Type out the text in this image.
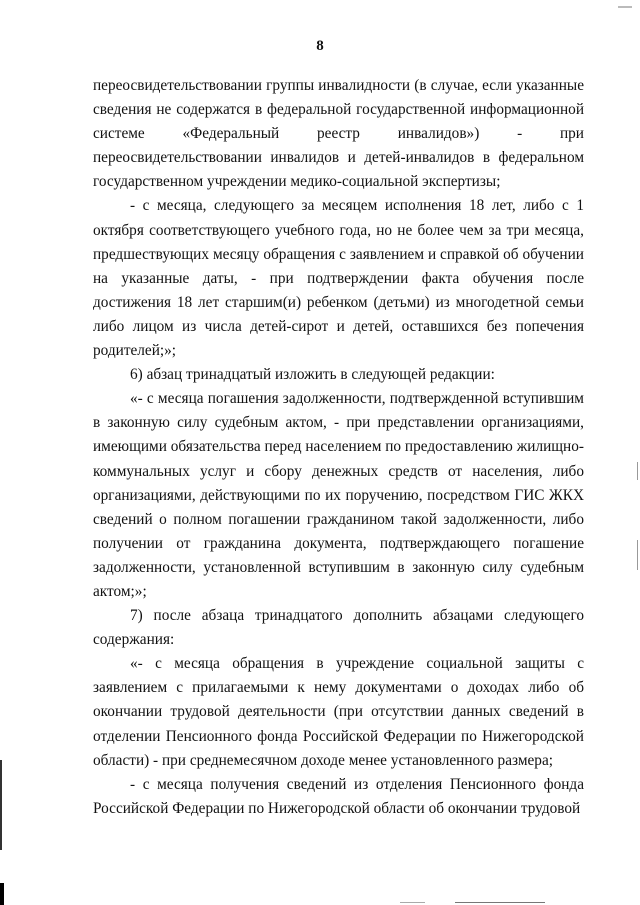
8

переосвидетельствовании группы инвалидности (в случае, если указанные сведения не содержатся в федеральной государственной информационной системе «Федеральный реестр инвалидов») - при переосвидетельствовании инвалидов и детей-инвалидов в федеральном государственном учреждении медико-социальной экспертизы;

- с месяца, следующего за месяцем исполнения 18 лет, либо с 1 октября соответствующего учебного года, но не более чем за три месяца, предшествующих месяцу обращения с заявлением и справкой об обучении на указанные даты, - при подтверждении факта обучения после достижения 18 лет старшим(и) ребенком (детьми) из многодетной семьи либо лицом из числа детей-сирот и детей, оставшихся без попечения родителей;»;

6) абзац тринадцатый изложить в следующей редакции:

«- с месяца погашения задолженности, подтвержденной вступившим в законную силу судебным актом, - при представлении организациями, имеющими обязательства перед населением по предоставлению жилищно-коммунальных услуг и сбору денежных средств от населения, либо организациями, действующими по их поручению, посредством ГИС ЖКХ сведений о полном погашении гражданином такой задолженности, либо получении от гражданина документа, подтверждающего погашение задолженности, установленной вступившим в законную силу судебным актом;»;

7) после абзаца тринадцатого дополнить абзацами следующего содержания:

«- с месяца обращения в учреждение социальной защиты с заявлением с прилагаемыми к нему документами о доходах либо об окончании трудовой деятельности (при отсутствии данных сведений в отделении Пенсионного фонда Российской Федерации по Нижегородской области) - при среднемесячном доходе менее установленного размера;

- с месяца получения сведений из отделения Пенсионного фонда Российской Федерации по Нижегородской области об окончании трудовой
